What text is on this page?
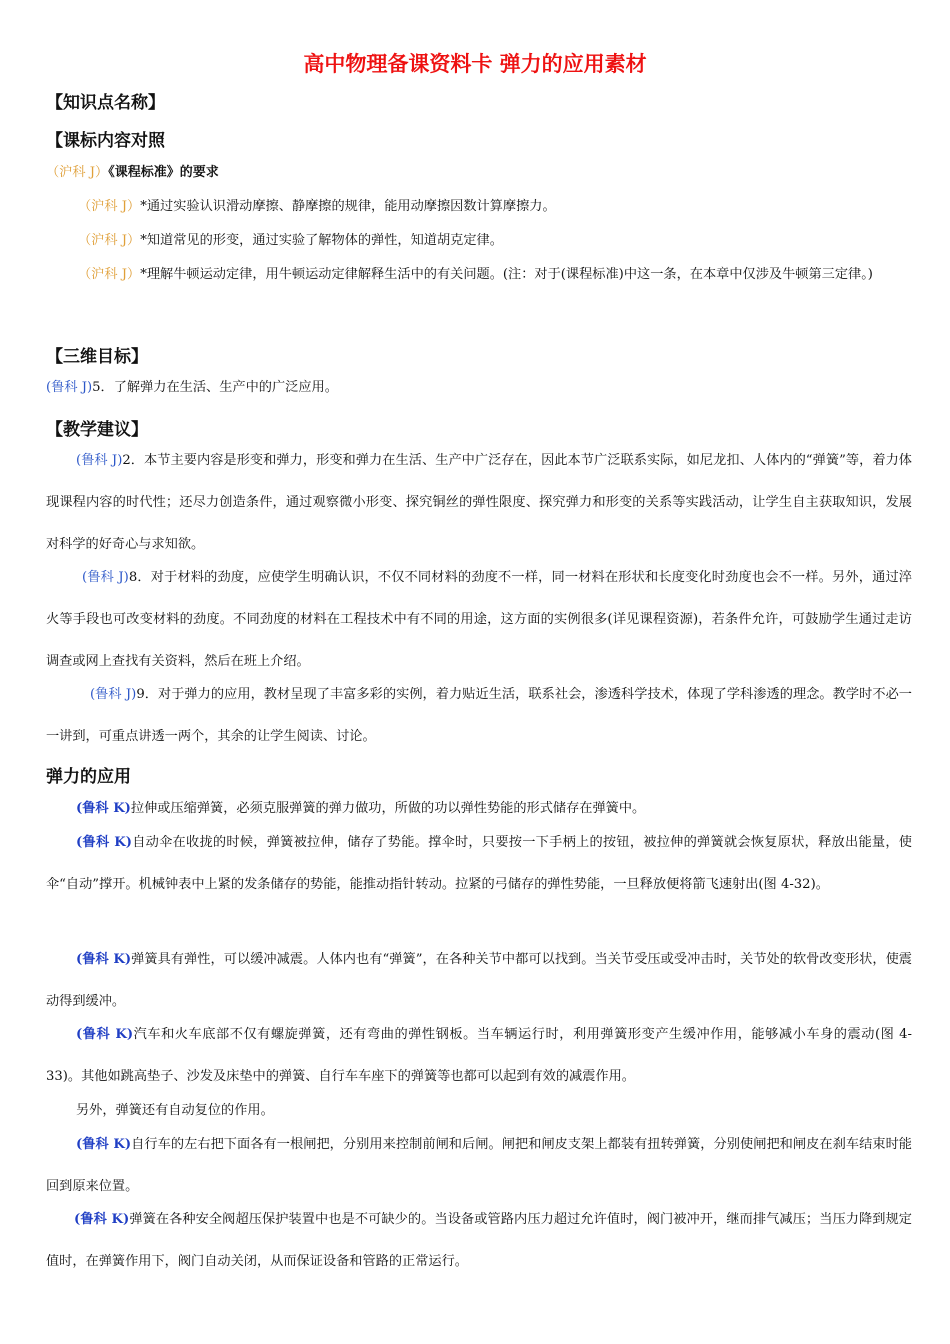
高中物理备课资料卡 弹力的应用素材
【知识点名称】
【课标内容对照

（沪科 J）《课程标准》的要求

（沪科 J）*通过实验认识滑动摩擦、静摩擦的规律，能用动摩擦因数计算摩擦力。

（沪科 J）*知道常见的形变，通过实验了解物体的弹性，知道胡克定律。

（沪科 J）*理解牛顿运动定律，用牛顿运动定律解释生活中的有关问题。(注：对于(课程标准)中这一条，在本章中仅涉及牛顿第三定律。)

【三维目标】

(鲁科 J)5．了解弹力在生活、生产中的广泛应用。

【教学建议】

(鲁科 J)2．本节主要内容是形变和弹力，形变和弹力在生活、生产中广泛存在，因此本节广泛联系实际，如尼龙扣、人体内的“弹簧”等，着力体现课程内容的时代性；还尽力创造条件，通过观察微小形变、探究铜丝的弹性限度、探究弹力和形变的关系等实践活动，让学生自主获取知识，发展对科学的好奇心与求知欲。

(鲁科 J)8．对于材料的劲度，应使学生明确认识，不仅不同材料的劲度不一样，同一材料在形状和长度变化时劲度也会不一样。另外，通过淬火等手段也可改变材料的劲度。不同劲度的材料在工程技术中有不同的用途，这方面的实例很多(详见课程资源)，若条件允许，可鼓励学生通过走访调查或网上查找有关资料，然后在班上介绍。

(鲁科 J)9．对于弹力的应用，教材呈现了丰富多彩的实例，着力贴近生活，联系社会，渗透科学技术，体现了学科渗透的理念。教学时不必一一讲到，可重点讲透一两个，其余的让学生阅读、讨论。

弹力的应用

(鲁科 K)拉伸或压缩弹簧，必须克服弹簧的弹力做功，所做的功以弹性势能的形式储存在弹簧中。

(鲁科 K)自动伞在收拢的时候，弹簧被拉伸，储存了势能。撑伞时，只要按一下手柄上的按钮，被拉伸的弹簧就会恢复原状，释放出能量，使伞“自动”撑开。机械钟表中上紧的发条储存的势能，能推动指针转动。拉紧的弓储存的弹性势能，一旦释放便将箭飞速射出(图 4-32)。

(鲁科 K)弹簧具有弹性，可以缓冲减震。人体内也有“弹簧”，在各种关节中都可以找到。当关节受压或受冲击时，关节处的软骨改变形状，使震动得到缓冲。

(鲁科 K)汽车和火车底部不仅有螺旋弹簧，还有弯曲的弹性钢板。当车辆运行时，利用弹簧形变产生缓冲作用，能够减小车身的震动(图 4-33)。其他如跳高垫子、沙发及床垫中的弹簧、自行车车座下的弹簧等也都可以起到有效的减震作用。

另外，弹簧还有自动复位的作用。

(鲁科 K)自行车的左右把下面各有一根闸把，分别用来控制前闸和后闸。闸把和闸皮支架上都装有扭转弹簧，分别使闸把和闸皮在刹车结束时能回到原来位置。

(鲁科 K)弹簧在各种安全阀超压保护装置中也是不可缺少的。当设备或管路内压力超过允许值时，阀门被冲开，继而排气减压；当压力降到规定值时，在弹簧作用下，阀门自动关闭，从而保证设备和管路的正常运行。
